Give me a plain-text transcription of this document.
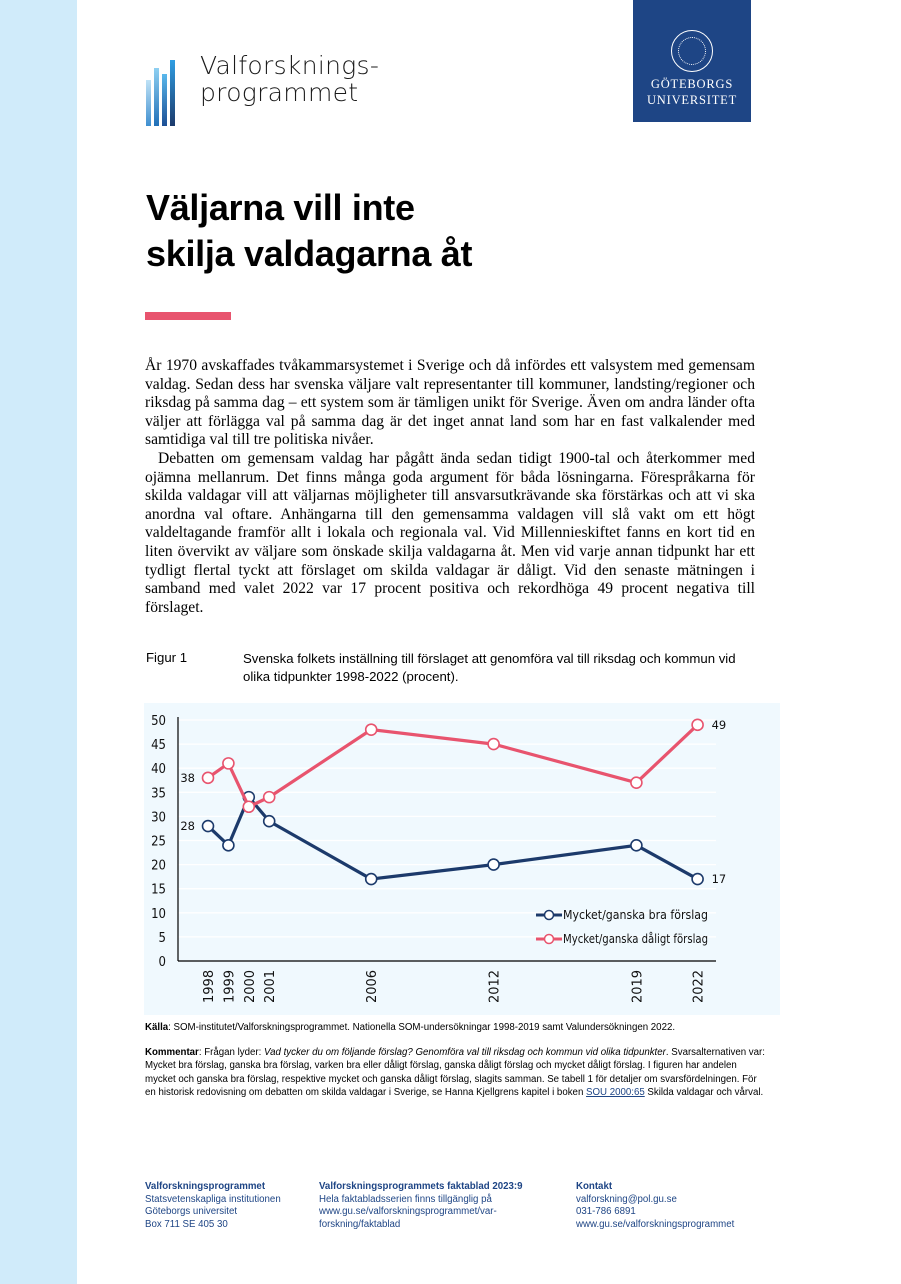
Valforsknings-
programmet	GÖTEBORGS
UNIVERSITET
Väljarna vill inte
skilja valdagarna åt

År 1970 avskaffades tvåkammarsystemet i Sverige och då infördes ett valsystem med gemensam valdag. Sedan dess har svenska väljare valt representanter till kommuner, landsting/regioner och riksdag på samma dag – ett system som är tämligen unikt för Sverige. Även om andra länder ofta väljer att förlägga val på samma dag är det inget annat land som har en fast valkalender med samtidiga val till tre politiska nivåer.

Debatten om gemensam valdag har pågått ända sedan tidigt 1900-tal och återkommer med ojämna mellanrum. Det finns många goda argument för båda lösningarna. Förespråkarna för skilda valdagar vill att väljarnas möjligheter till ansvarsutkrävande ska förstärkas och att vi ska anordna val oftare. Anhängarna till den gemensamma valdagen vill slå vakt om ett högt valdeltagande framför allt i lokala och regionala val. Vid Millennieskiftet fanns en kort tid en liten övervikt av väljare som önskade skilja valdagarna åt. Men vid varje annan tidpunkt har ett tydligt flertal tyckt att förslaget om skilda valdagar är dåligt. Vid den senaste mätningen i samband med valet 2022 var 17 procent positiva och rekordhöga 49 procent negativa till förslaget.

Figur 1	Svenska folkets inställning till förslaget att genomföra val till riksdag och kommun vid olika tidpunkter 1998-2022 (procent).
0
5
10
15
20
25
30
35
40
45
50
1998 1999 2000 2001	2006	2012	2019	2022
28
17
38
49
Mycket/ganska bra förslag
Mycket/ganska dåligt förslag

Källa: SOM-institutet/Valforskningsprogrammet. Nationella SOM-undersökningar 1998-2019 samt Valundersökningen 2022.

Kommentar: Frågan lyder: Vad tycker du om följande förslag? Genomföra val till riksdag och kommun vid olika tidpunkter. Svarsalternativen var: Mycket bra förslag, ganska bra förslag, varken bra eller dåligt förslag, ganska dåligt förslag och mycket dåligt förslag. I figuren har andelen mycket och ganska bra förslag, respektive mycket och ganska dåligt förslag, slagits samman. Se tabell 1 för detaljer om svarsfördelningen. För en historisk redovisning om debatten om skilda valdagar i Sverige, se Hanna Kjellgrens kapitel i boken SOU 2000:65 Skilda valdagar och vårval.

Valforskningsprogrammet
Statsvetenskapliga institutionen
Göteborgs universitet
Box 711 SE 405 30
Valforskningsprogrammets faktablad 2023:9
Hela faktabladsserien finns tillgänglig på
www.gu.se/valforskningsprogrammet/var-
forskning/faktablad
Kontakt
valforskning@pol.gu.se
031-786 6891
www.gu.se/valforskningsprogrammet
